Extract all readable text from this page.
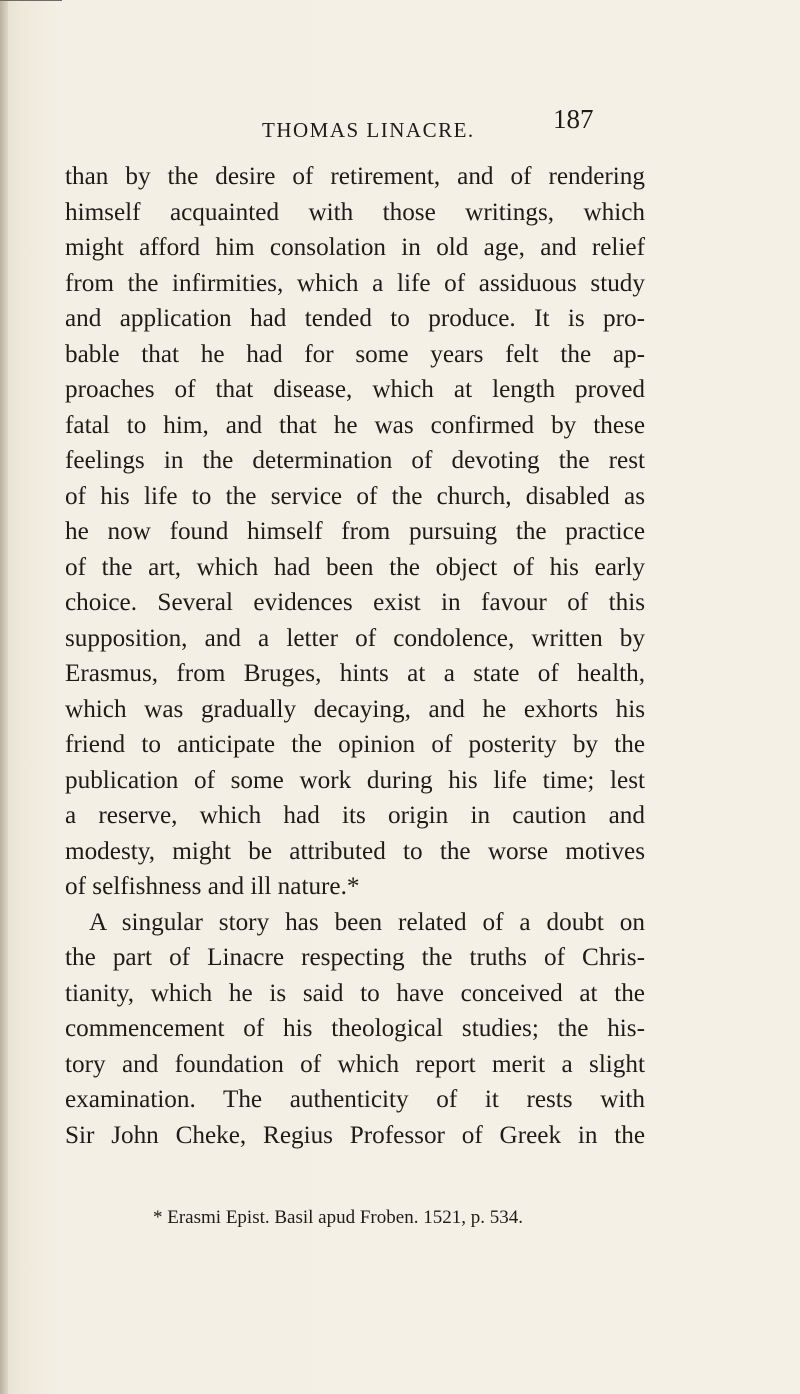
THOMAS LINACRE.	187
than by the desire of retirement, and of rendering
himself acquainted with those writings, which
might afford him consolation in old age, and relief
from the infirmities, which a life of assiduous study
and application had tended to produce. It is pro-
bable that he had for some years felt the ap-
proaches of that disease, which at length proved
fatal to him, and that he was confirmed by these
feelings in the determination of devoting the rest
of his life to the service of the church, disabled as
he now found himself from pursuing the practice
of the art, which had been the object of his early
choice. Several evidences exist in favour of this
supposition, and a letter of condolence, written by
Erasmus, from Bruges, hints at a state of health,
which was gradually decaying, and he exhorts his
friend to anticipate the opinion of posterity by the
publication of some work during his life time; lest
a reserve, which had its origin in caution and
modesty, might be attributed to the worse motives
of selfishness and ill nature.*
A singular story has been related of a doubt on
the part of Linacre respecting the truths of Chris-
tianity, which he is said to have conceived at the
commencement of his theological studies; the his-
tory and foundation of which report merit a slight
examination. The authenticity of it rests with
Sir John Cheke, Regius Professor of Greek in the
* Erasmi Epist. Basil apud Froben. 1521, p. 534.
